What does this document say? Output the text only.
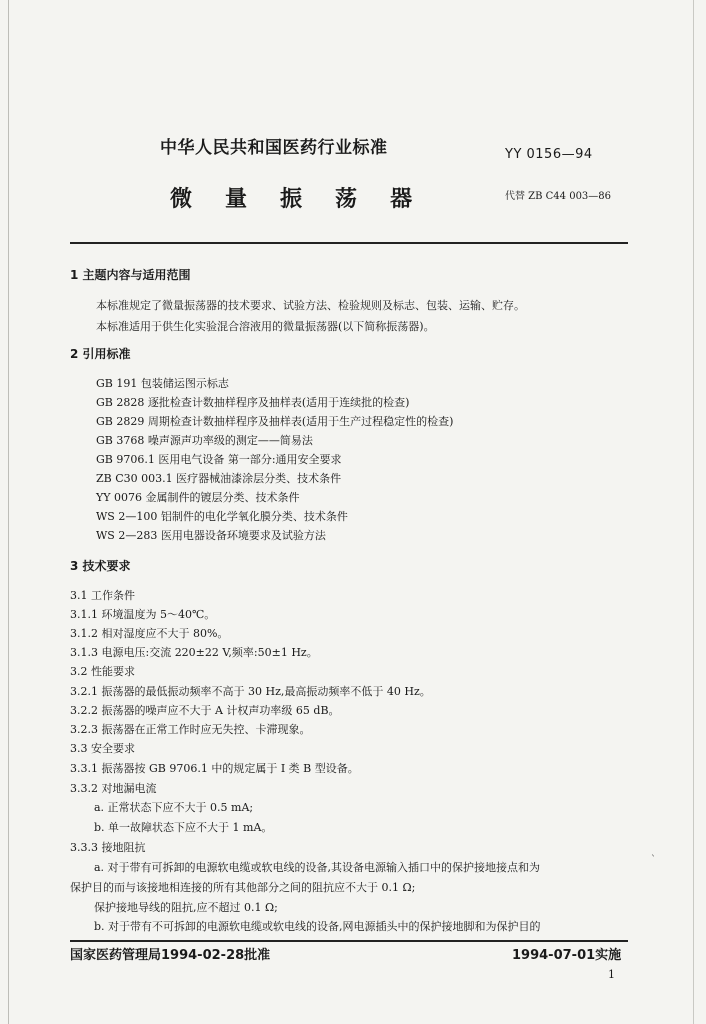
中华人民共和国医药行业标准	YY 0156—94
微 量 振 荡 器	代替 ZB C44 003—86
1 主题内容与适用范围
本标准规定了微量振荡器的技术要求、试验方法、检验规则及标志、包装、运输、贮存。
本标准适用于供生化实验混合溶液用的微量振荡器(以下简称振荡器)。
2 引用标准
GB 191 包装储运图示标志
GB 2828 逐批检查计数抽样程序及抽样表(适用于连续批的检查)
GB 2829 周期检查计数抽样程序及抽样表(适用于生产过程稳定性的检查)
GB 3768 噪声源声功率级的测定——简易法
GB 9706.1 医用电气设备 第一部分:通用安全要求
ZB C30 003.1 医疗器械油漆涂层分类、技术条件
YY 0076 金属制件的镀层分类、技术条件
WS 2—100 铝制件的电化学氧化膜分类、技术条件
WS 2—283 医用电器设备环境要求及试验方法
3 技术要求
3.1 工作条件
3.1.1 环境温度为 5～40℃。
3.1.2 相对湿度应不大于 80%。
3.1.3 电源电压:交流 220±22 V,频率:50±1 Hz。
3.2 性能要求
3.2.1 振荡器的最低振动频率不高于 30 Hz,最高振动频率不低于 40 Hz。
3.2.2 振荡器的噪声应不大于 A 计权声功率级 65 dB。
3.2.3 振荡器在正常工作时应无失控、卡滞现象。
3.3 安全要求
3.3.1 振荡器按 GB 9706.1 中的规定属于 I 类 B 型设备。
3.3.2 对地漏电流
a. 正常状态下应不大于 0.5 mA;
b. 单一故障状态下应不大于 1 mA。
3.3.3 接地阻抗
a. 对于带有可拆卸的电源软电缆或软电线的设备,其设备电源输入插口中的保护接地接点和为
保护目的而与该接地相连接的所有其他部分之间的阻抗应不大于 0.1 Ω;
保护接地导线的阻抗,应不超过 0.1 Ω;
b. 对于带有不可拆卸的电源软电缆或软电线的设备,网电源插头中的保护接地脚和为保护目的
`
国家医药管理局1994-02-28批准	1994-07-01实施
1
